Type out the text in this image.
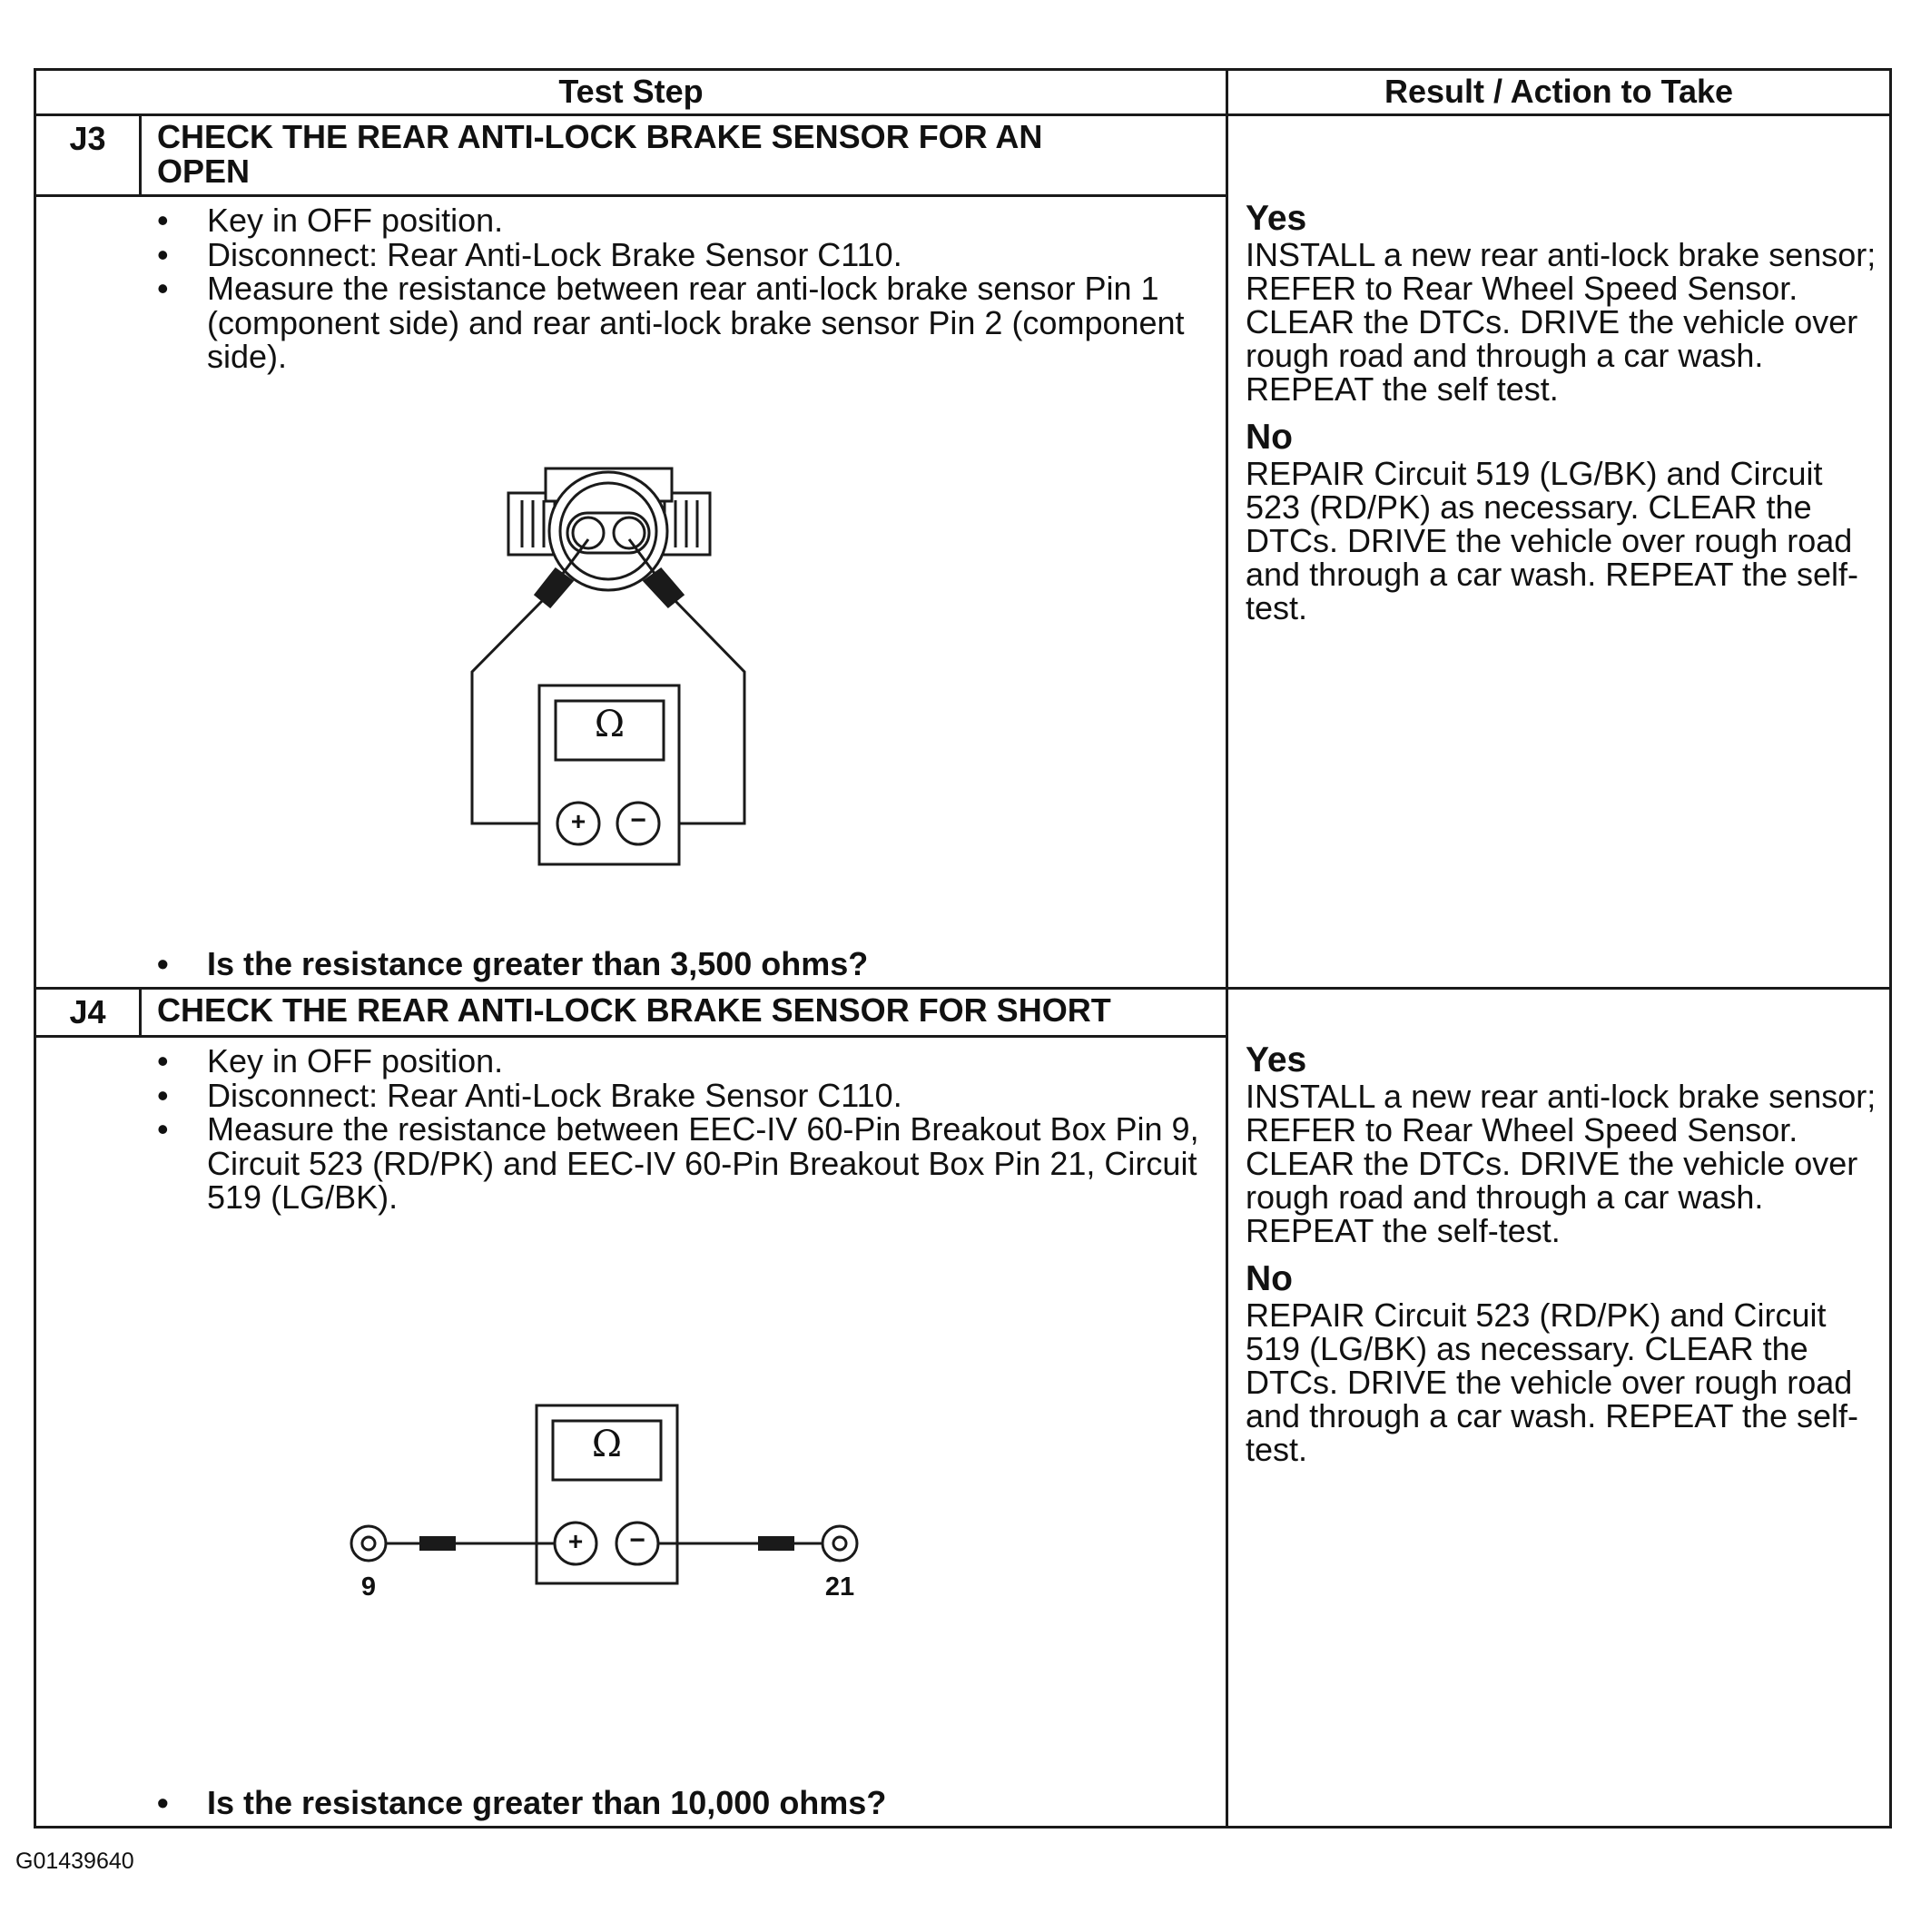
Test Step	Result / Action to Take
J3	CHECK THE REAR ANTI-LOCK BRAKE SENSOR FOR AN
OPEN
• Key in OFF position.
• Disconnect: Rear Anti-Lock Brake Sensor C110.
• Measure the resistance between rear anti-lock brake sensor Pin 1 (component side) and rear anti-lock brake sensor Pin 2 (component side).
Ω
+	−
• Is the resistance greater than 3,500 ohms?

Yes

INSTALL a new rear anti-lock brake sensor; REFER to Rear Wheel Speed Sensor. CLEAR the DTCs. DRIVE the vehicle over rough road and through a car wash. REPEAT the self test.

No

REPAIR Circuit 519 (LG/BK) and Circuit 523 (RD/PK) as necessary. CLEAR the DTCs. DRIVE the vehicle over rough road and through a car wash. REPEAT the self-test.

J4	CHECK THE REAR ANTI-LOCK BRAKE SENSOR FOR SHORT
• Key in OFF position.
• Disconnect: Rear Anti-Lock Brake Sensor C110.
• Measure the resistance between EEC-IV 60-Pin Breakout Box Pin 9, Circuit 523 (RD/PK) and EEC-IV 60-Pin Breakout Box Pin 21, Circuit 519 (LG/BK).
Ω
+	−
9	21
• Is the resistance greater than 10,000 ohms?

Yes

INSTALL a new rear anti-lock brake sensor; REFER to Rear Wheel Speed Sensor. CLEAR the DTCs. DRIVE the vehicle over rough road and through a car wash. REPEAT the self-test.

No

REPAIR Circuit 523 (RD/PK) and Circuit 519 (LG/BK) as necessary. CLEAR the DTCs. DRIVE the vehicle over rough road and through a car wash. REPEAT the self-test.

G01439640
